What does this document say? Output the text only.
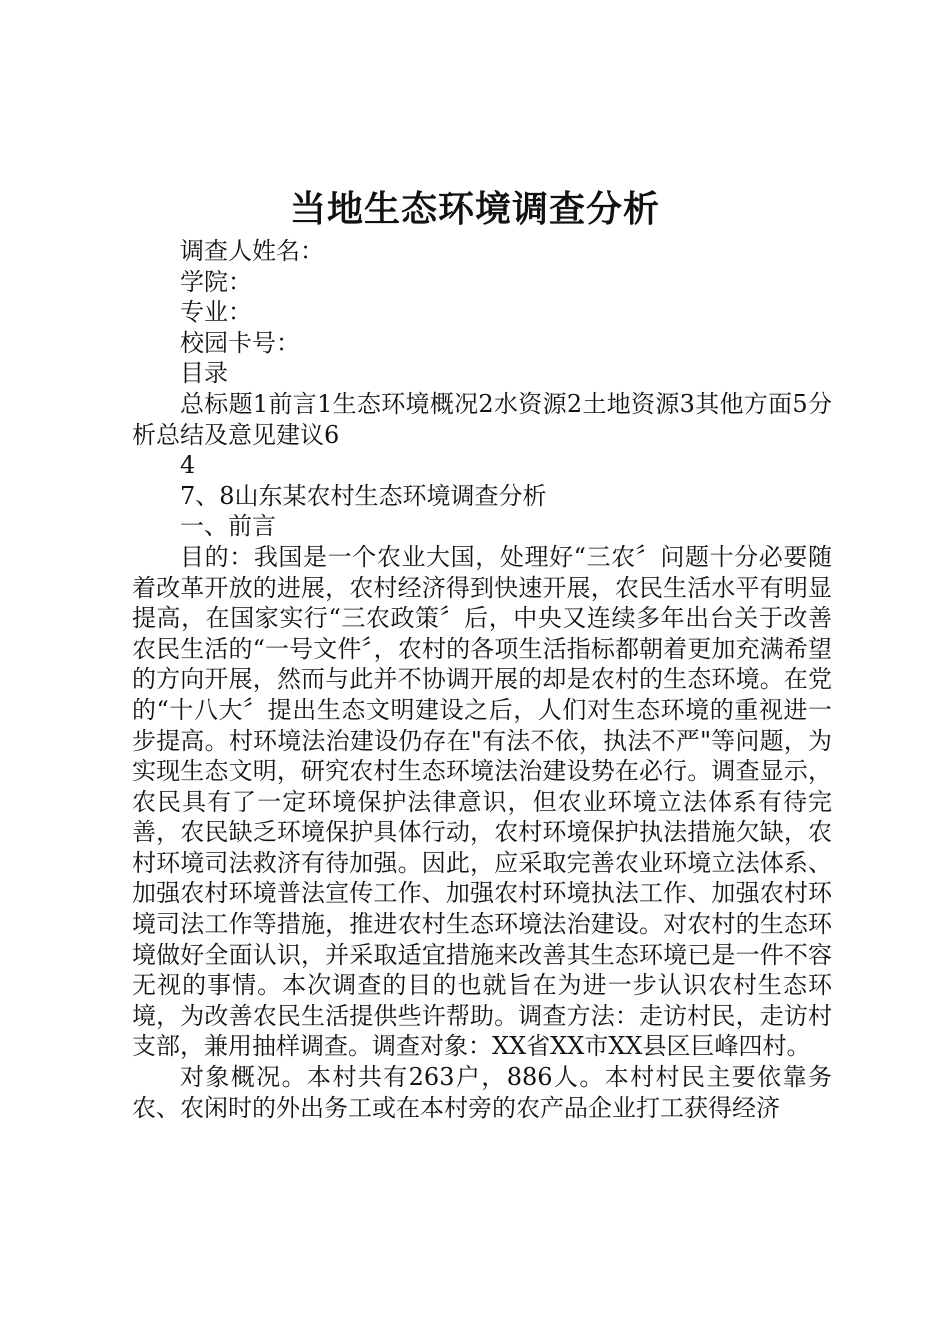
当地生态环境调查分析
调查人姓名：
学院：
专业：
校园卡号：
目录
总标题1前言1生态环境概况2水资源2土地资源3其他方面5分析总结及意见建议6
4
7、8山东某农村生态环境调查分析
一、前言
目的：我国是一个农业大国，处理好“三农〞问题十分必要随着改革开放的进展，农村经济得到快速开展，农民生活水平有明显提高，在国家实行“三农政策〞后，中央又连续多年出台关于改善农民生活的“一号文件〞，农村的各项生活指标都朝着更加充满希望的方向开展，然而与此并不协调开展的却是农村的生态环境。在党的“十八大〞提出生态文明建设之后，人们对生态环境的重视进一步提高。村环境法治建设仍存在"有法不依，执法不严"等问题，为实现生态文明，研究农村生态环境法治建设势在必行。调查显示，农民具有了一定环境保护法律意识，但农业环境立法体系有待完善，农民缺乏环境保护具体行动，农村环境保护执法措施欠缺，农村环境司法救济有待加强。因此，应采取完善农业环境立法体系、加强农村环境普法宣传工作、加强农村环境执法工作、加强农村环境司法工作等措施，推进农村生态环境法治建设。对农村的生态环境做好全面认识，并采取适宜措施来改善其生态环境已是一件不容无视的事情。本次调查的目的也就旨在为进一步认识农村生态环境，为改善农民生活提供些许帮助。调查方法：走访村民，走访村支部，兼用抽样调查。调查对象：XX省XX市XX县区巨峰四村。
对象概况。本村共有263户，886人。本村村民主要依靠务农、农闲时的外出务工或在本村旁的农产品企业打工获得经济
